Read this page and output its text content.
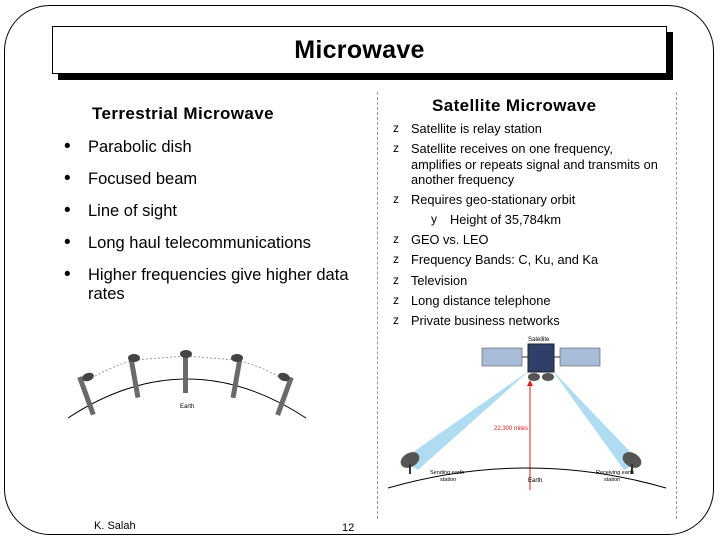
Microwave
Terrestrial Microwave
• Parabolic dish
• Focused beam
• Line of sight
• Long haul telecommunications
• Higher frequencies give higher data rates
Earth
Satellite Microwave
z Satellite is relay station
z Satellite receives on one frequency, amplifies or repeats signal and transmits on another frequency
z Requires geo-stationary orbit
y Height of 35,784km
z GEO vs. LEO
z Frequency Bands: C, Ku, and Ka
z Television
z Long distance telephone
z Private business networks
Satellite
22,300 miles
Sending earth
station
Receiving earth
station
Earth
K. Salah	12
